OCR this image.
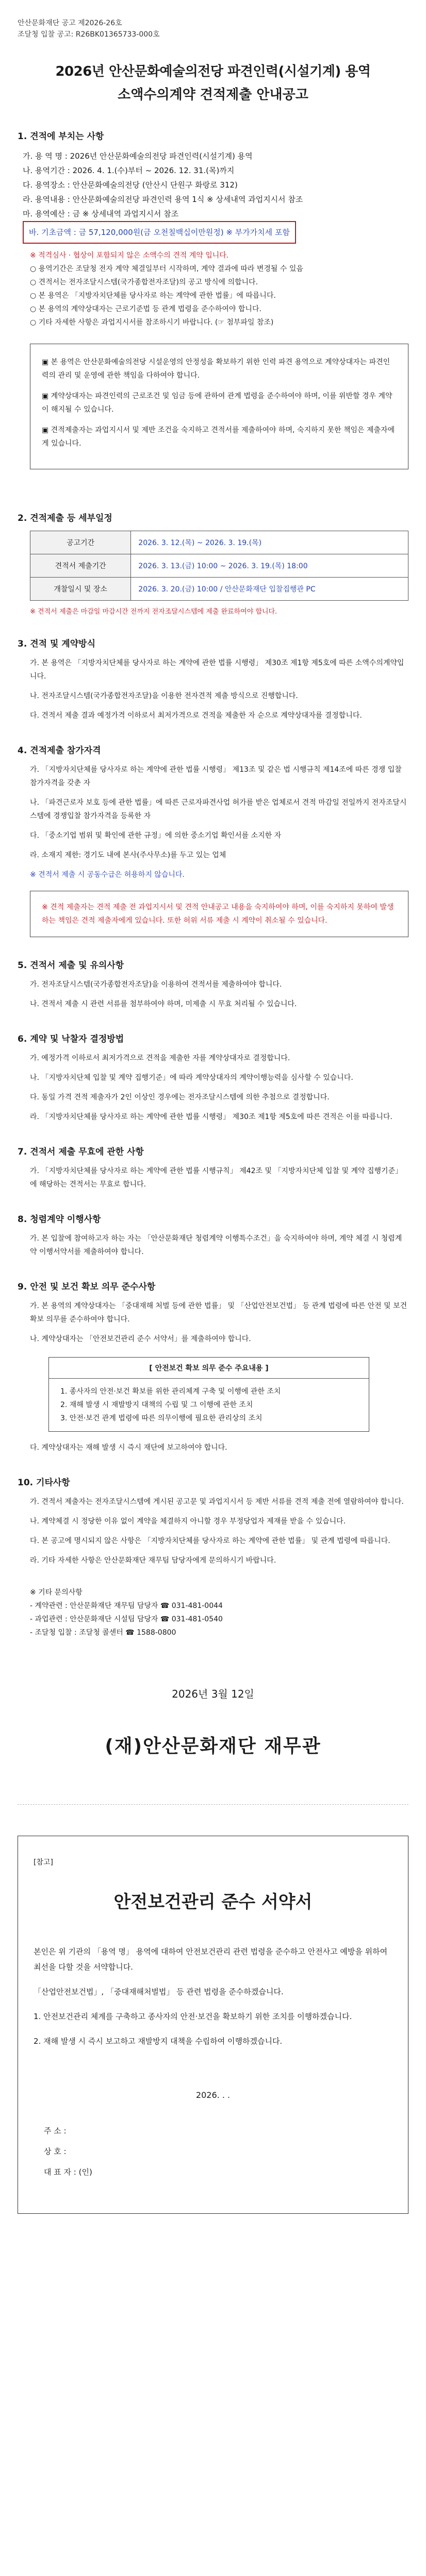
안산문화재단 공고 제2026-26호
조달청 입찰 공고: R26BK01365733-000호
2026년 안산문화예술의전당 파견인력(시설기계) 용역
소액수의계약 견적제출 안내공고
1. 견적에 부치는 사항
가. 용 역 명 : 2026년 안산문화예술의전당 파견인력(시설기계) 용역
나. 용역기간 : 2026. 4. 1.(수)부터 ~ 2026. 12. 31.(목)까지
다. 용역장소 : 안산문화예술의전당 (안산시 단원구 화랑로 312)
라. 용역내용 : 안산문화예술의전당 파견인력 용역 1식 ※ 상세내역 과업지시서 참조
마. 용역예산 : 금 ※ 상세내역 과업지시서 참조
바. 기초금액 : 금 57,120,000원(금 오천칠백십이만원정) ※ 부가가치세 포함
※ 적격심사 · 협상이 포함되지 않은 소액수의 견적 계약 입니다.
○ 용역기간은 조달청 전자 계약 체결일부터 시작하며, 계약 결과에 따라 변경될 수 있음
○ 견적서는 전자조달시스템(국가종합전자조달)의 공고 방식에 의합니다.
○ 본 용역은 「지방자치단체를 당사자로 하는 계약에 관한 법률」에 따릅니다.
○ 본 용역의 계약상대자는 근로기준법 등 관계 법령을 준수하여야 합니다.
○ 기타 자세한 사항은 과업지시서를 참조하시기 바랍니다. (☞ 첨부파일 참조)

▣ 본 용역은 안산문화예술의전당 시설운영의 안정성을 확보하기 위한 인력 파견 용역으로 계약상대자는 파견인력의 관리 및 운영에 관한 책임을 다하여야 합니다.

▣ 계약상대자는 파견인력의 근로조건 및 임금 등에 관하여 관계 법령을 준수하여야 하며, 이를 위반할 경우 계약이 해지될 수 있습니다.

▣ 견적제출자는 과업지시서 및 제반 조건을 숙지하고 견적서를 제출하여야 하며, 숙지하지 못한 책임은 제출자에게 있습니다.

2. 견적제출 등 세부일정
공고기간	2026. 3. 12.(목) ~ 2026. 3. 19.(목)
견적서 제출기간	2026. 3. 13.(금) 10:00 ~ 2026. 3. 19.(목) 18:00
개찰일시 및 장소	2026. 3. 20.(금) 10:00 / 안산문화재단 입찰집행관 PC
※ 견적서 제출은 마감일 마감시간 전까지 전자조달시스템에 제출 완료하여야 합니다.
3. 견적 및 계약방식

가. 본 용역은 「지방자치단체를 당사자로 하는 계약에 관한 법률 시행령」 제30조 제1항 제5호에 따른 소액수의계약입니다.

나. 전자조달시스템(국가종합전자조달)을 이용한 전자견적 제출 방식으로 진행합니다.

다. 견적서 제출 결과 예정가격 이하로서 최저가격으로 견적을 제출한 자 순으로 계약상대자를 결정합니다.

4. 견적제출 참가자격

가. 「지방자치단체를 당사자로 하는 계약에 관한 법률 시행령」 제13조 및 같은 법 시행규칙 제14조에 따른 경쟁 입찰 참가자격을 갖춘 자

나. 「파견근로자 보호 등에 관한 법률」에 따른 근로자파견사업 허가를 받은 업체로서 견적 마감일 전일까지 전자조달시스템에 경쟁입찰 참가자격을 등록한 자

다. 「중소기업 범위 및 확인에 관한 규정」에 의한 중소기업 확인서를 소지한 자

라. 소재지 제한: 경기도 내에 본사(주사무소)를 두고 있는 업체

※ 견적서 제출 시 공동수급은 허용하지 않습니다.

※ 견적 제출자는 견적 제출 전 과업지시서 및 견적 안내공고 내용을 숙지하여야 하며, 이를 숙지하지 못하여 발생하는 책임은 견적 제출자에게 있습니다. 또한 허위 서류 제출 시 계약이 취소될 수 있습니다.
5. 견적서 제출 및 유의사항

가. 전자조달시스템(국가종합전자조달)을 이용하여 견적서를 제출하여야 합니다.

나. 견적서 제출 시 관련 서류를 첨부하여야 하며, 미제출 시 무효 처리될 수 있습니다.

6. 계약 및 낙찰자 결정방법

가. 예정가격 이하로서 최저가격으로 견적을 제출한 자를 계약상대자로 결정합니다.

나. 「지방자치단체 입찰 및 계약 집행기준」에 따라 계약상대자의 계약이행능력을 심사할 수 있습니다.

다. 동일 가격 견적 제출자가 2인 이상인 경우에는 전자조달시스템에 의한 추첨으로 결정합니다.

라. 「지방자치단체를 당사자로 하는 계약에 관한 법률 시행령」 제30조 제1항 제5호에 따른 견적은 이를 따릅니다.

7. 견적서 제출 무효에 관한 사항

가. 「지방자치단체를 당사자로 하는 계약에 관한 법률 시행규칙」 제42조 및 「지방자치단체 입찰 및 계약 집행기준」에 해당하는 견적서는 무효로 합니다.

8. 청렴계약 이행사항

가. 본 입찰에 참여하고자 하는 자는 「안산문화재단 청렴계약 이행특수조건」을 숙지하여야 하며, 계약 체결 시 청렴계약 이행서약서를 제출하여야 합니다.

9. 안전 및 보건 확보 의무 준수사항

가. 본 용역의 계약상대자는 「중대재해 처벌 등에 관한 법률」 및 「산업안전보건법」 등 관계 법령에 따른 안전 및 보건 확보 의무를 준수하여야 합니다.

나. 계약상대자는 「안전보건관리 준수 서약서」를 제출하여야 합니다.

[ 안전보건 확보 의무 준수 주요내용 ]
1. 종사자의 안전·보건 확보를 위한 관리체계 구축 및 이행에 관한 조치
2. 재해 발생 시 재발방지 대책의 수립 및 그 이행에 관한 조치
3. 안전·보건 관계 법령에 따른 의무이행에 필요한 관리상의 조치

다. 계약상대자는 재해 발생 시 즉시 재단에 보고하여야 합니다.

10. 기타사항

가. 견적서 제출자는 전자조달시스템에 게시된 공고문 및 과업지시서 등 제반 서류를 견적 제출 전에 열람하여야 합니다.

나. 계약체결 시 정당한 이유 없이 계약을 체결하지 아니할 경우 부정당업자 제재를 받을 수 있습니다.

다. 본 공고에 명시되지 않은 사항은 「지방자치단체를 당사자로 하는 계약에 관한 법률」 및 관계 법령에 따릅니다.

라. 기타 자세한 사항은 안산문화재단 재무팀 담당자에게 문의하시기 바랍니다.

※ 기타 문의사항
- 계약관련 : 안산문화재단 재무팀 담당자 ☎ 031-481-0044
- 과업관련 : 안산문화재단 시설팀 담당자 ☎ 031-481-0540
- 조달청 입찰 : 조달청 콜센터 ☎ 1588-0800
2026년 3월 12일
(재)안산문화재단 재무관
[참고]
안전보건관리 준수 서약서

본인은 위 기관의 「용역 명」 용역에 대하여 안전보건관리 관련 법령을 준수하고 안전사고 예방을 위하여 최선을 다할 것을 서약합니다.

「산업안전보건법」, 「중대재해처벌법」 등 관련 법령을 준수하겠습니다.

1. 안전보건관리 체계를 구축하고 종사자의 안전·보건을 확보하기 위한 조치를 이행하겠습니다.

2. 재해 발생 시 즉시 보고하고 재발방지 대책을 수립하여 이행하겠습니다.

2026. . .
주 소 :
상 호 :
대 표 자 : (인)
